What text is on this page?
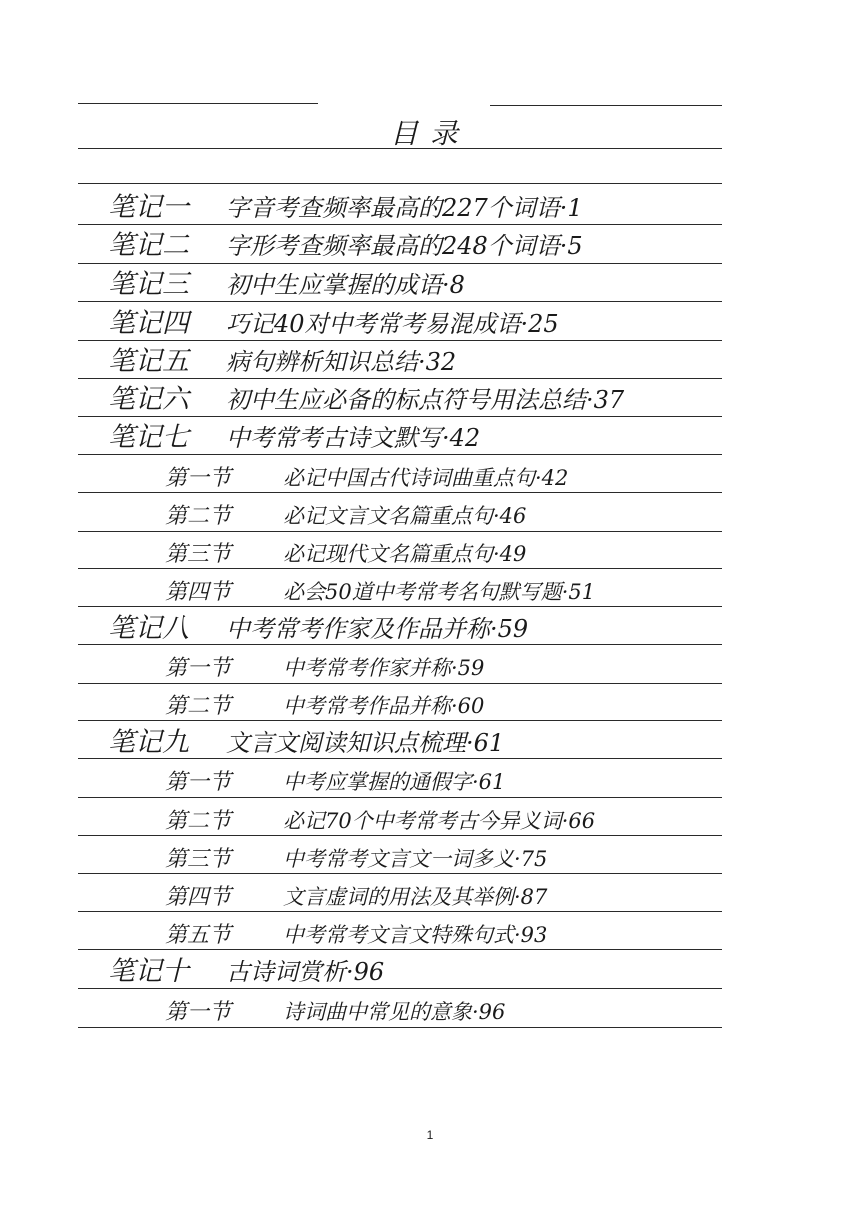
目录
笔记一 字音考查频率最高的227个词语·1
笔记二 字形考查频率最高的248个词语·5
笔记三 初中生应掌握的成语·8
笔记四 巧记40对中考常考易混成语·25
笔记五 病句辨析知识总结·32
笔记六 初中生应必备的标点符号用法总结·37
笔记七 中考常考古诗文默写·42
第一节 必记中国古代诗词曲重点句·42
第二节 必记文言文名篇重点句·46
第三节 必记现代文名篇重点句·49
第四节 必会50道中考常考名句默写题·51
笔记八 中考常考作家及作品并称·59
第一节 中考常考作家并称·59
第二节 中考常考作品并称·60
笔记九 文言文阅读知识点梳理·61
第一节 中考应掌握的通假字·61
第二节 必记70个中考常考古今异义词·66
第三节 中考常考文言文一词多义·75
第四节 文言虚词的用法及其举例·87
第五节 中考常考文言文特殊句式·93
笔记十 古诗词赏析·96
第一节 诗词曲中常见的意象·96
1
